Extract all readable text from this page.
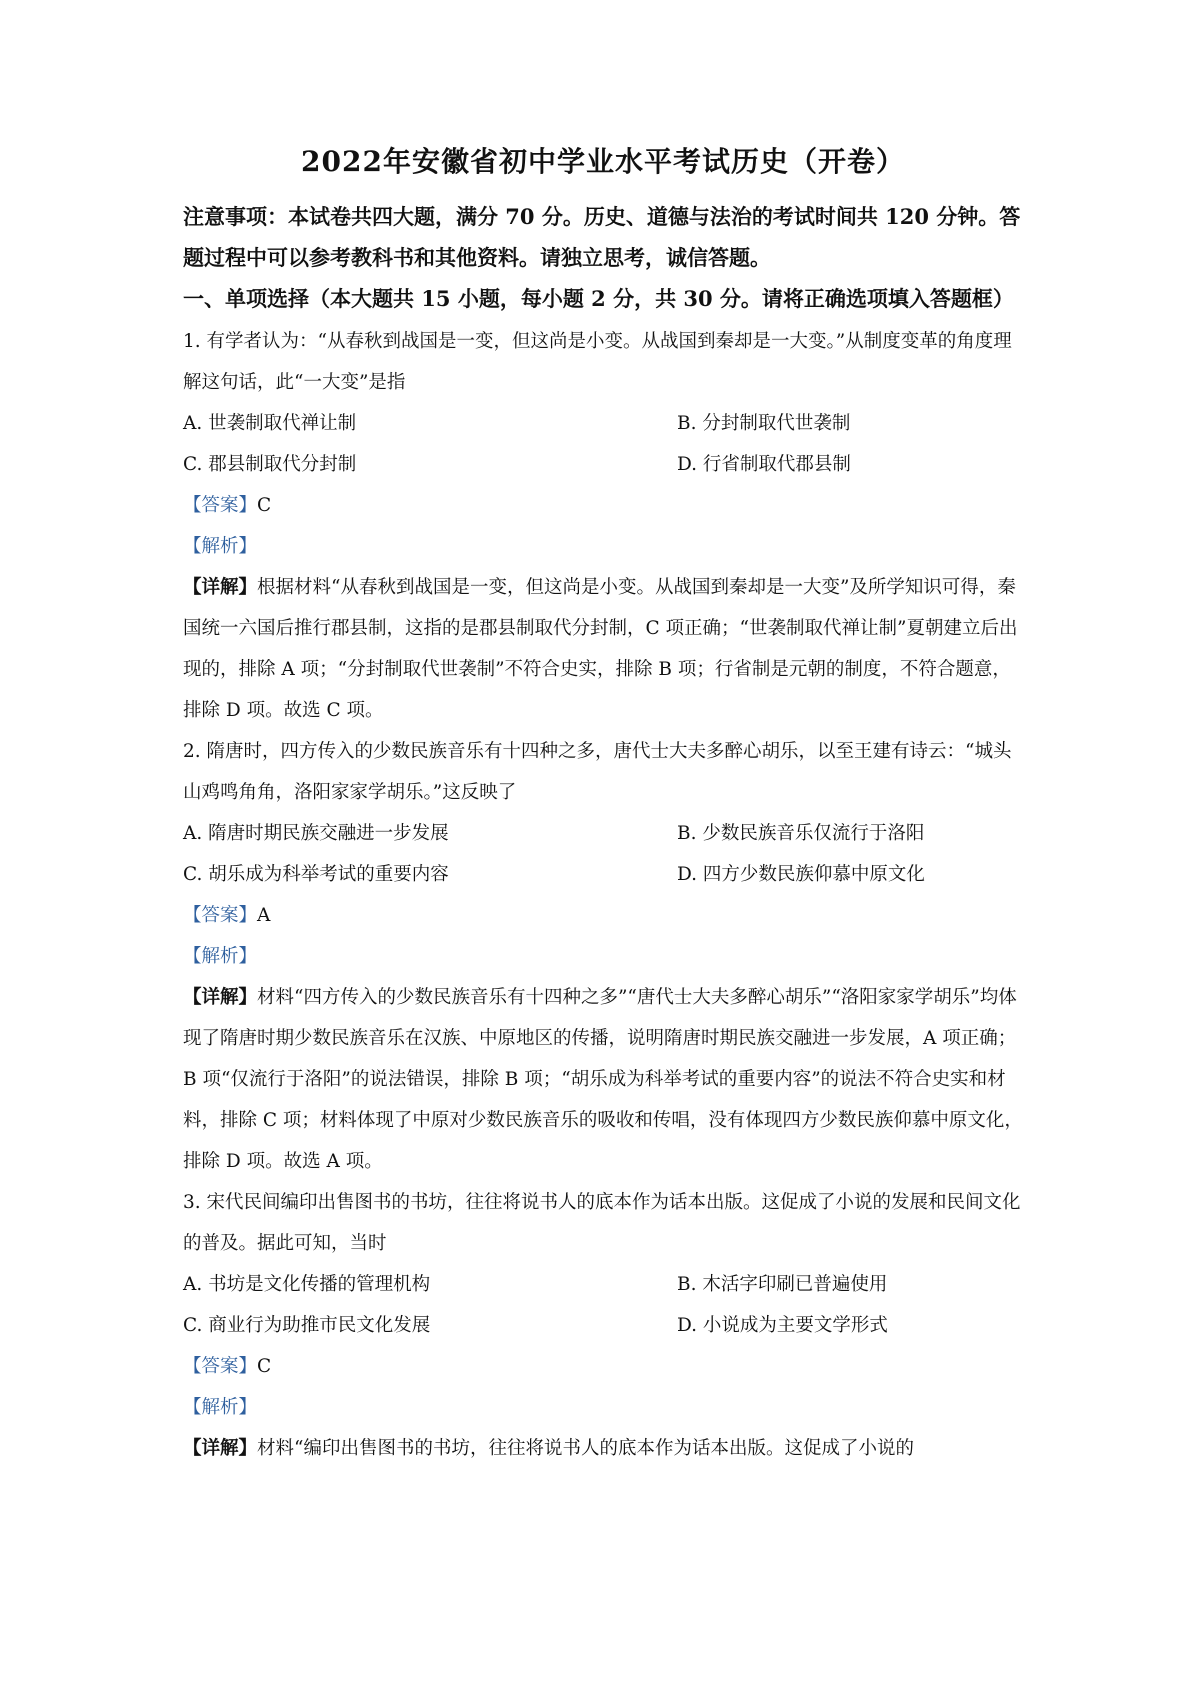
2022年安徽省初中学业水平考试历史（开卷）

注意事项：本试卷共四大题，满分 70 分。历史、道德与法治的考试时间共 120 分钟。答题过程中可以参考教科书和其他资料。请独立思考，诚信答题。

一、单项选择（本大题共 15 小题，每小题 2 分，共 30 分。请将正确选项填入答题框）

1. 有学者认为：“从春秋到战国是一变，但这尚是小变。从战国到秦却是一大变。”从制度变革的角度理解这句话，此“一大变”是指

A. 世袭制取代禅让制	B. 分封制取代世袭制
C. 郡县制取代分封制	D. 行省制取代郡县制

【答案】C

【解析】

【详解】根据材料“从春秋到战国是一变，但这尚是小变。从战国到秦却是一大变”及所学知识可得，秦国统一六国后推行郡县制，这指的是郡县制取代分封制，C 项正确；“世袭制取代禅让制”夏朝建立后出现的，排除 A 项；“分封制取代世袭制”不符合史实，排除 B 项；行省制是元朝的制度，不符合题意，排除 D 项。故选 C 项。

2. 隋唐时，四方传入的少数民族音乐有十四种之多，唐代士大夫多醉心胡乐，以至王建有诗云：“城头山鸡鸣角角，洛阳家家学胡乐。”这反映了

A. 隋唐时期民族交融进一步发展	B. 少数民族音乐仅流行于洛阳
C. 胡乐成为科举考试的重要内容	D. 四方少数民族仰慕中原文化

【答案】A

【解析】

【详解】材料“四方传入的少数民族音乐有十四种之多”“唐代士大夫多醉心胡乐”“洛阳家家学胡乐”均体现了隋唐时期少数民族音乐在汉族、中原地区的传播，说明隋唐时期民族交融进一步发展，A 项正确；B 项“仅流行于洛阳”的说法错误，排除 B 项；“胡乐成为科举考试的重要内容”的说法不符合史实和材料，排除 C 项；材料体现了中原对少数民族音乐的吸收和传唱，没有体现四方少数民族仰慕中原文化，排除 D 项。故选 A 项。

3. 宋代民间编印出售图书的书坊，往往将说书人的底本作为话本出版。这促成了小说的发展和民间文化的普及。据此可知，当时

A. 书坊是文化传播的管理机构	B. 木活字印刷已普遍使用
C. 商业行为助推市民文化发展	D. 小说成为主要文学形式

【答案】C

【解析】

【详解】材料“编印出售图书的书坊，往往将说书人的底本作为话本出版。这促成了小说的
